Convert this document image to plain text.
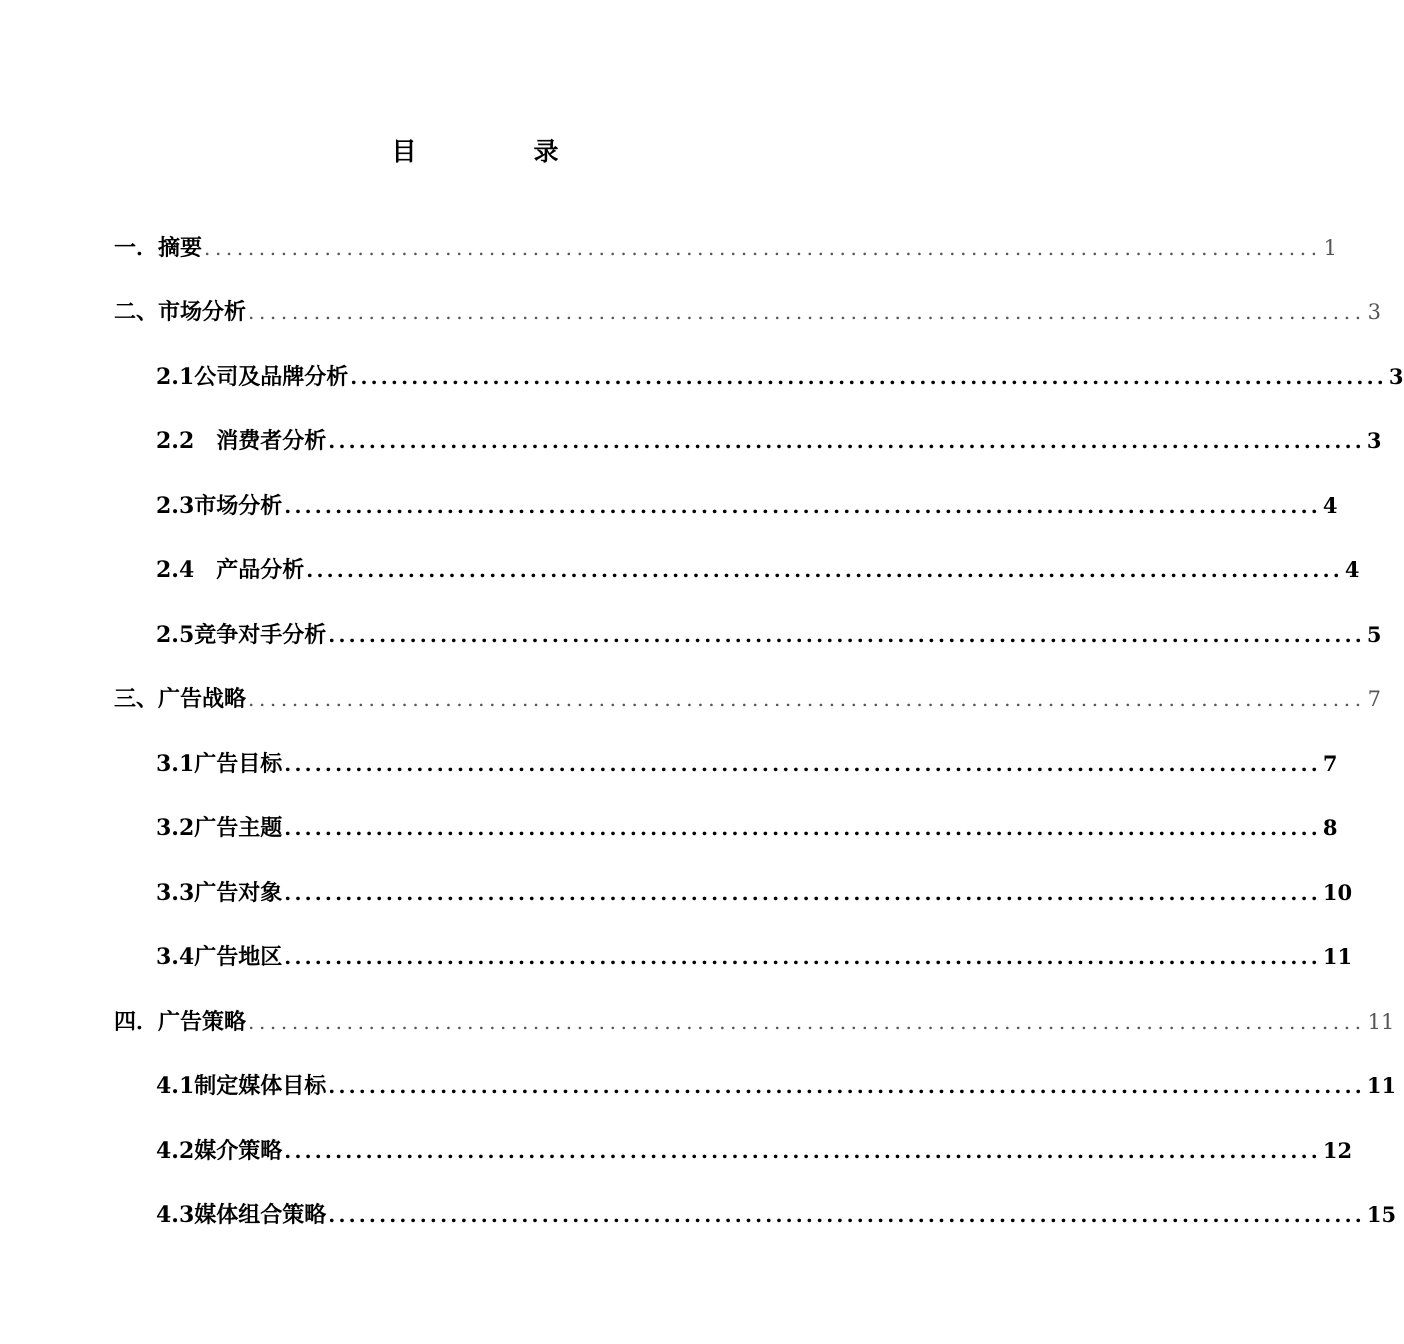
目　录
一．摘要 ...................................................................................................... 1
二、市场分析 ...................................................................................................... 3
2.1公司及品牌分析 ...................................................................................................... 3
2.2　消费者分析 ...................................................................................................... 3
2.3市场分析 ...................................................................................................... 4
2.4　产品分析 ...................................................................................................... 4
2.5竞争对手分析 ...................................................................................................... 5
三、广告战略 ...................................................................................................... 7
3.1广告目标 ...................................................................................................... 7
3.2广告主题 ...................................................................................................... 8
3.3广告对象 ...................................................................................................... 10
3.4广告地区 ...................................................................................................... 11
四．广告策略 ...................................................................................................... 11
4.1制定媒体目标 ...................................................................................................... 11
4.2媒介策略 ...................................................................................................... 12
4.3媒体组合策略 ...................................................................................................... 15
